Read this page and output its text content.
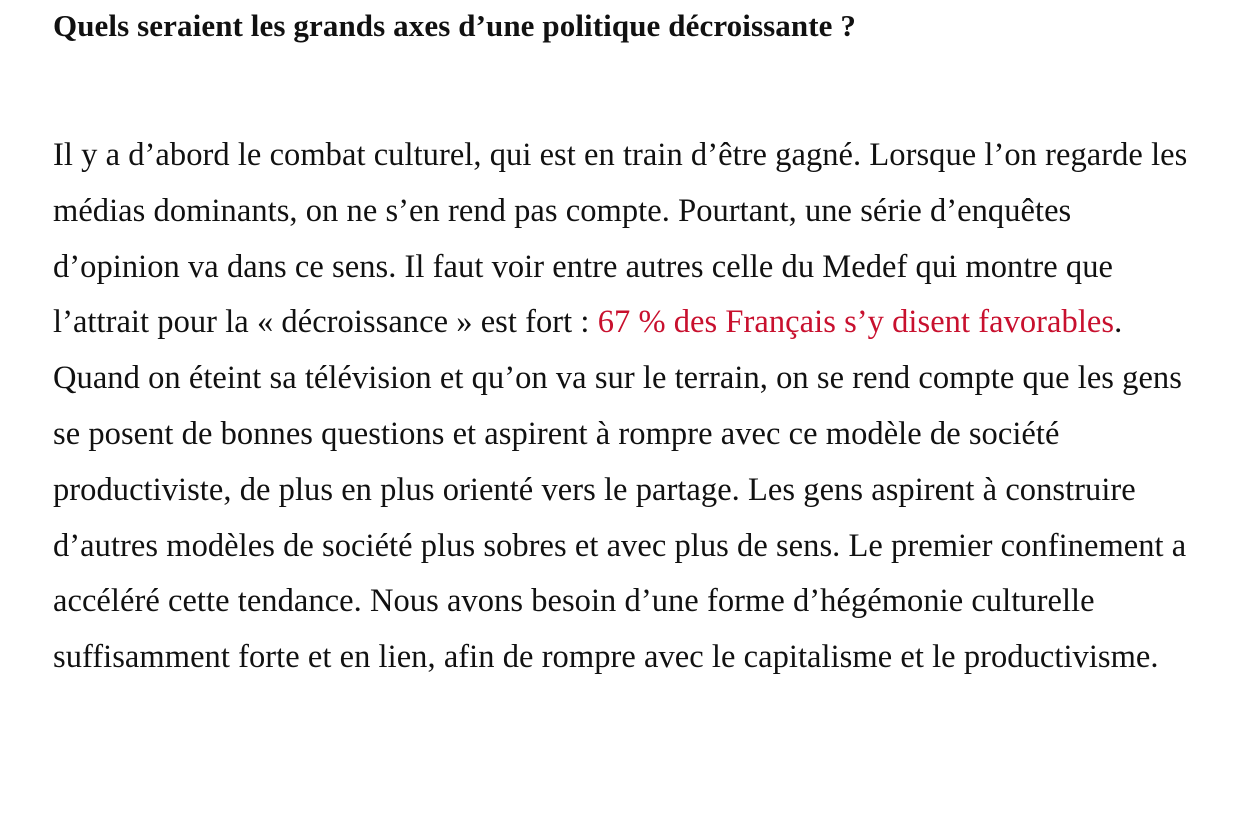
Quels seraient les grands axes d’une politique décroissante ?

Il y a d’abord le combat culturel, qui est en train d’être gagné. Lorsque l’on regarde les médias dominants, on ne s’en rend pas compte. Pourtant, une série d’enquêtes d’opinion va dans ce sens. Il faut voir entre autres celle du Medef qui montre que l’attrait pour la « décroissance » est fort : 67 % des Français s’y disent favorables. Quand on éteint sa télévision et qu’on va sur le terrain, on se rend compte que les gens se posent de bonnes questions et aspirent à rompre avec ce modèle de société productiviste, de plus en plus orienté vers le partage. Les gens aspirent à construire d’autres modèles de société plus sobres et avec plus de sens. Le premier confinement a accéléré cette tendance. Nous avons besoin d’une forme d’hégémonie culturelle suffisamment forte et en lien, afin de rompre avec le capitalisme et le productivisme.
